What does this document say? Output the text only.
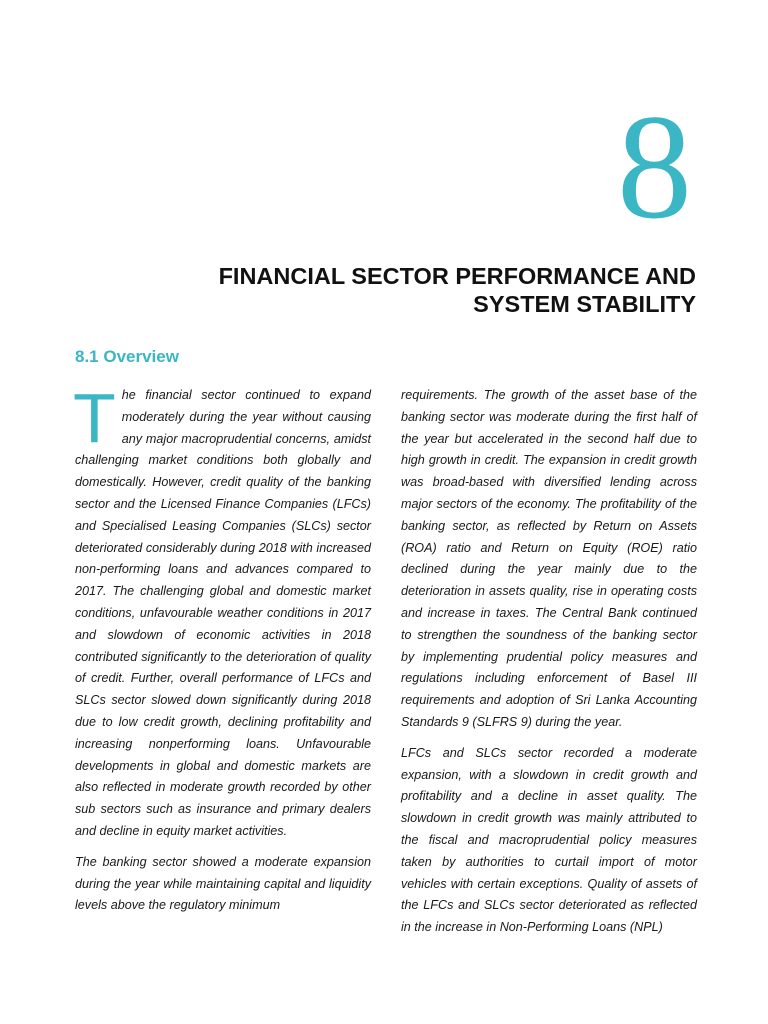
8
FINANCIAL SECTOR PERFORMANCE AND
SYSTEM STABILITY
8.1 Overview

The financial sector continued to expand moderately during the year without causing any major macroprudential concerns, amidst challenging market conditions both globally and domestically. However, credit quality of the banking sector and the Licensed Finance Companies (LFCs) and Specialised Leasing Companies (SLCs) sector deteriorated considerably during 2018 with increased non-performing loans and advances compared to 2017. The challenging global and domestic market conditions, unfavourable weather conditions in 2017 and slowdown of economic activities in 2018 contributed significantly to the deterioration of quality of credit. Further, overall performance of LFCs and SLCs sector slowed down significantly during 2018 due to low credit growth, declining profitability and increasing nonperforming loans. Unfavourable developments in global and domestic markets are also reflected in moderate growth recorded by other sub sectors such as insurance and primary dealers and decline in equity market activities.

The banking sector showed a moderate expansion during the year while maintaining capital and liquidity levels above the regulatory minimum

requirements. The growth of the asset base of the banking sector was moderate during the first half of the year but accelerated in the second half due to high growth in credit. The expansion in credit growth was broad-based with diversified lending across major sectors of the economy. The profitability of the banking sector, as reflected by Return on Assets (ROA) ratio and Return on Equity (ROE) ratio declined during the year mainly due to the deterioration in assets quality, rise in operating costs and increase in taxes. The Central Bank continued to strengthen the soundness of the banking sector by implementing prudential policy measures and regulations including enforcement of Basel III requirements and adoption of Sri Lanka Accounting Standards 9 (SLFRS 9) during the year.

LFCs and SLCs sector recorded a moderate expansion, with a slowdown in credit growth and profitability and a decline in asset quality. The slowdown in credit growth was mainly attributed to the fiscal and macroprudential policy measures taken by authorities to curtail import of motor vehicles with certain exceptions. Quality of assets of the LFCs and SLCs sector deteriorated as reflected in the increase in Non-Performing Loans (NPL)
